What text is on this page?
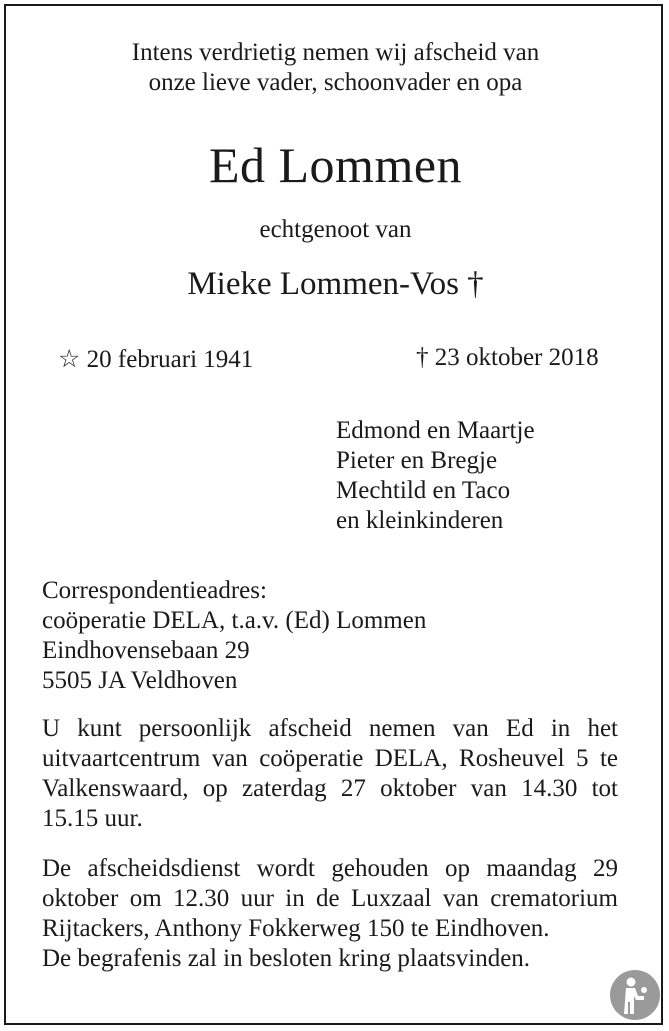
Intens verdrietig nemen wij afscheid van
onze lieve vader, schoonvader en opa
Ed Lommen
echtgenoot van
Mieke Lommen-Vos †
☆ 20 februari 1941	† 23 oktober 2018
Edmond en Maartje
Pieter en Bregje
Mechtild en Taco
en kleinkinderen
Correspondentieadres:
coöperatie DELA, t.a.v. (Ed) Lommen
Eindhovensebaan 29
5505 JA Veldhoven
U kunt persoonlijk afscheid nemen van Ed in het uitvaartcentrum van coöperatie DELA, Rosheuvel 5 te Valkenswaard, op zaterdag 27 oktober van 14.30 tot 15.15 uur.
De afscheidsdienst wordt gehouden op maandag 29 oktober om 12.30 uur in de Luxzaal van crematorium Rijtackers, Anthony Fokkerweg 150 te Eindhoven.
De begrafenis zal in besloten kring plaatsvinden.
